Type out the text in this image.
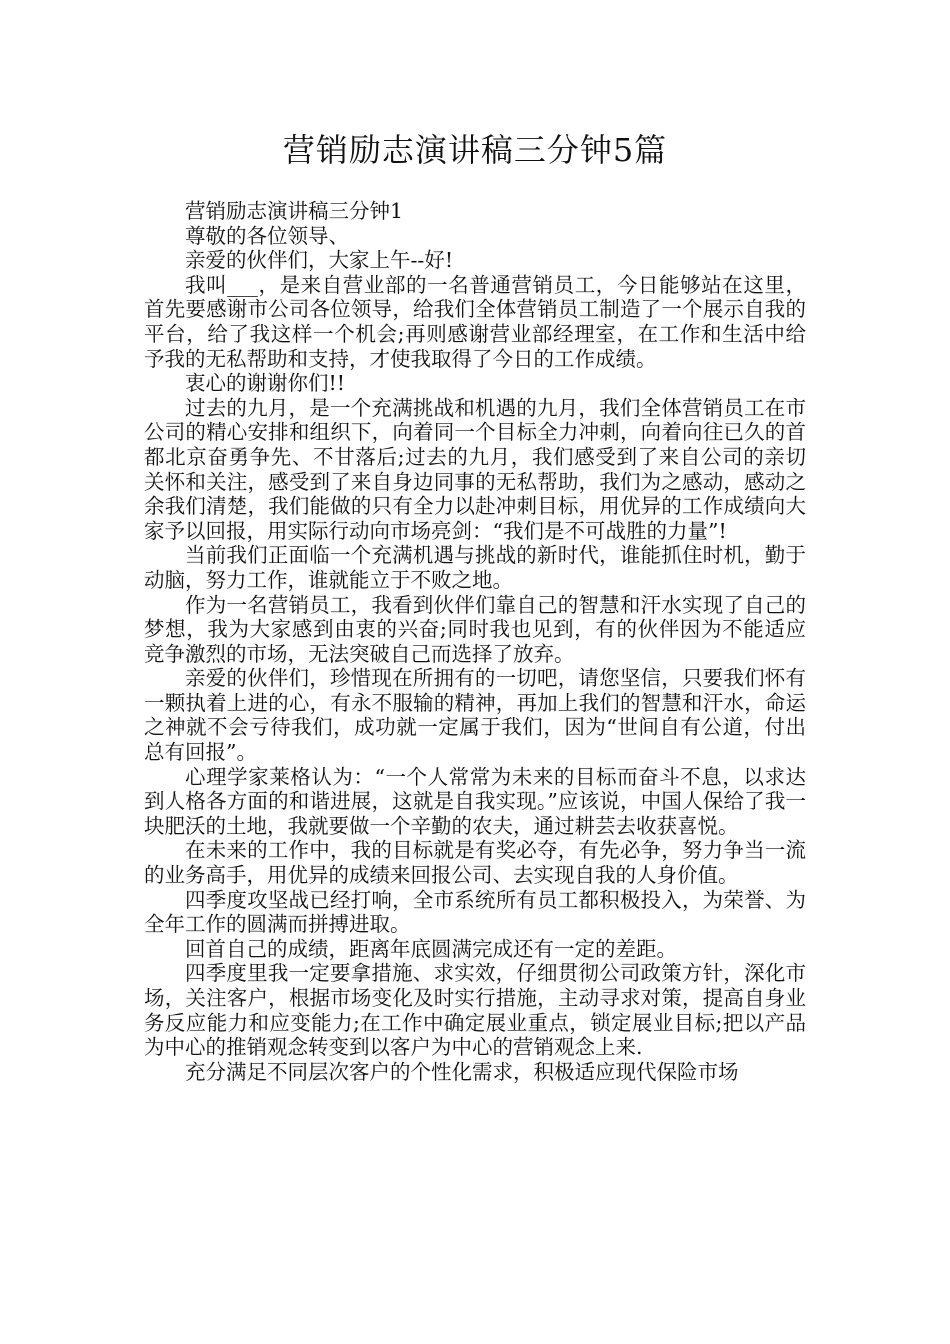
营销励志演讲稿三分钟5篇

营销励志演讲稿三分钟1

尊敬的各位领导、

亲爱的伙伴们，大家上午--好!

我叫___，是来自营业部的一名普通营销员工，今日能够站在这里，首先要感谢市公司各位领导，给我们全体营销员工制造了一个展示自我的平台，给了我这样一个机会;再则感谢营业部经理室，在工作和生活中给予我的无私帮助和支持，才使我取得了今日的工作成绩。

衷心的谢谢你们!!

过去的九月，是一个充满挑战和机遇的九月，我们全体营销员工在市公司的精心安排和组织下，向着同一个目标全力冲刺，向着向往已久的首都北京奋勇争先、不甘落后;过去的九月，我们感受到了来自公司的亲切关怀和关注，感受到了来自身边同事的无私帮助，我们为之感动，感动之余我们清楚，我们能做的只有全力以赴冲刺目标，用优异的工作成绩向大家予以回报，用实际行动向市场亮剑：“我们是不可战胜的力量”!

当前我们正面临一个充满机遇与挑战的新时代，谁能抓住时机，勤于动脑，努力工作，谁就能立于不败之地。

作为一名营销员工，我看到伙伴们靠自己的智慧和汗水实现了自己的梦想，我为大家感到由衷的兴奋;同时我也见到，有的伙伴因为不能适应竞争激烈的市场，无法突破自己而选择了放弃。

亲爱的伙伴们，珍惜现在所拥有的一切吧，请您坚信，只要我们怀有一颗执着上进的心，有永不服输的精神，再加上我们的智慧和汗水，命运之神就不会亏待我们，成功就一定属于我们，因为“世间自有公道，付出总有回报”。

心理学家莱格认为：“一个人常常为未来的目标而奋斗不息，以求达到人格各方面的和谐进展，这就是自我实现。”应该说，中国人保给了我一块肥沃的土地，我就要做一个辛勤的农夫，通过耕芸去收获喜悦。

在未来的工作中，我的目标就是有奖必夺，有先必争，努力争当一流的业务高手，用优异的成绩来回报公司、去实现自我的人身价值。

四季度攻坚战已经打响，全市系统所有员工都积极投入，为荣誉、为全年工作的圆满而拼搏进取。

回首自己的成绩，距离年底圆满完成还有一定的差距。

四季度里我一定要拿措施、求实效，仔细贯彻公司政策方针，深化市场，关注客户，根据市场变化及时实行措施，主动寻求对策，提高自身业务反应能力和应变能力;在工作中确定展业重点，锁定展业目标;把以产品为中心的推销观念转变到以客户为中心的营销观念上来.

充分满足不同层次客户的个性化需求，积极适应现代保险市场
